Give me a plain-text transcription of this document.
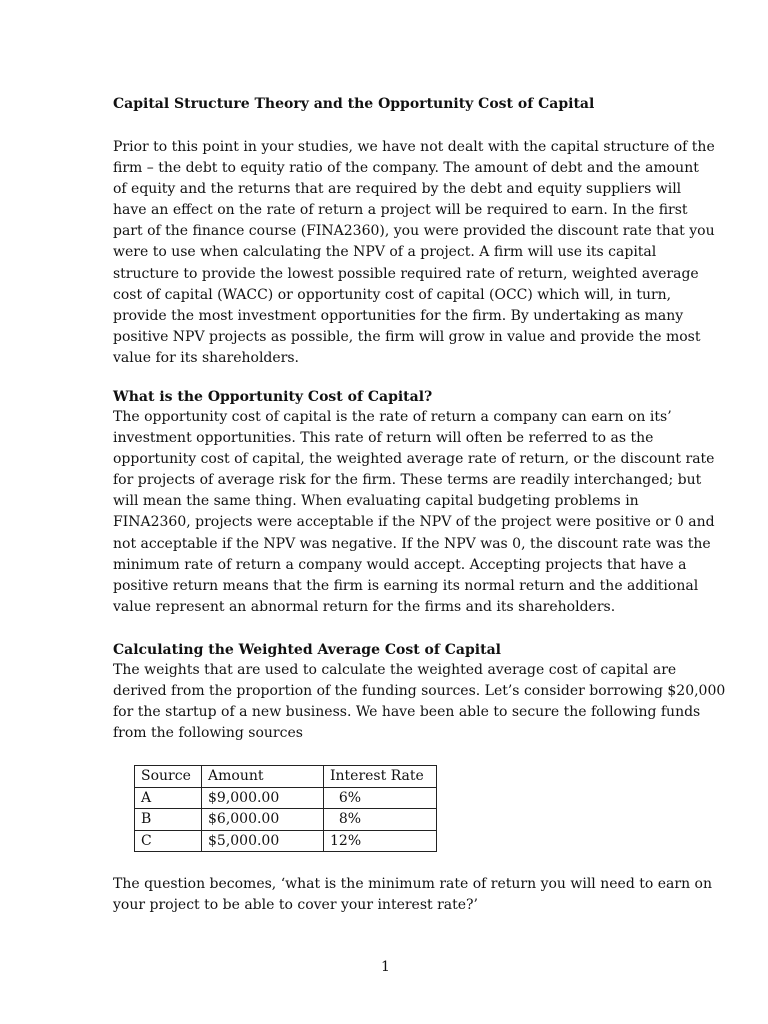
Capital Structure Theory and the Opportunity Cost of Capital
Prior to this point in your studies, we have not dealt with the capital structure of the
firm – the debt to equity ratio of the company. The amount of debt and the amount
of equity and the returns that are required by the debt and equity suppliers will
have an effect on the rate of return a project will be required to earn. In the first
part of the finance course (FINA2360), you were provided the discount rate that you
were to use when calculating the NPV of a project. A firm will use its capital
structure to provide the lowest possible required rate of return, weighted average
cost of capital (WACC) or opportunity cost of capital (OCC) which will, in turn,
provide the most investment opportunities for the firm. By undertaking as many
positive NPV projects as possible, the firm will grow in value and provide the most
value for its shareholders.
What is the Opportunity Cost of Capital?
The opportunity cost of capital is the rate of return a company can earn on its’
investment opportunities. This rate of return will often be referred to as the
opportunity cost of capital, the weighted average rate of return, or the discount rate
for projects of average risk for the firm. These terms are readily interchanged; but
will mean the same thing. When evaluating capital budgeting problems in
FINA2360, projects were acceptable if the NPV of the project were positive or 0 and
not acceptable if the NPV was negative. If the NPV was 0, the discount rate was the
minimum rate of return a company would accept. Accepting projects that have a
positive return means that the firm is earning its normal return and the additional
value represent an abnormal return for the firms and its shareholders.
Calculating the Weighted Average Cost of Capital
The weights that are used to calculate the weighted average cost of capital are
derived from the proportion of the funding sources. Let’s consider borrowing $20,000
for the startup of a new business. We have been able to secure the following funds
from the following sources
Source	Amount	Interest Rate
A	$9,000.00	6%
B	$6,000.00	8%
C	$5,000.00	12%
The question becomes, ‘what is the minimum rate of return you will need to earn on
your project to be able to cover your interest rate?’
1
